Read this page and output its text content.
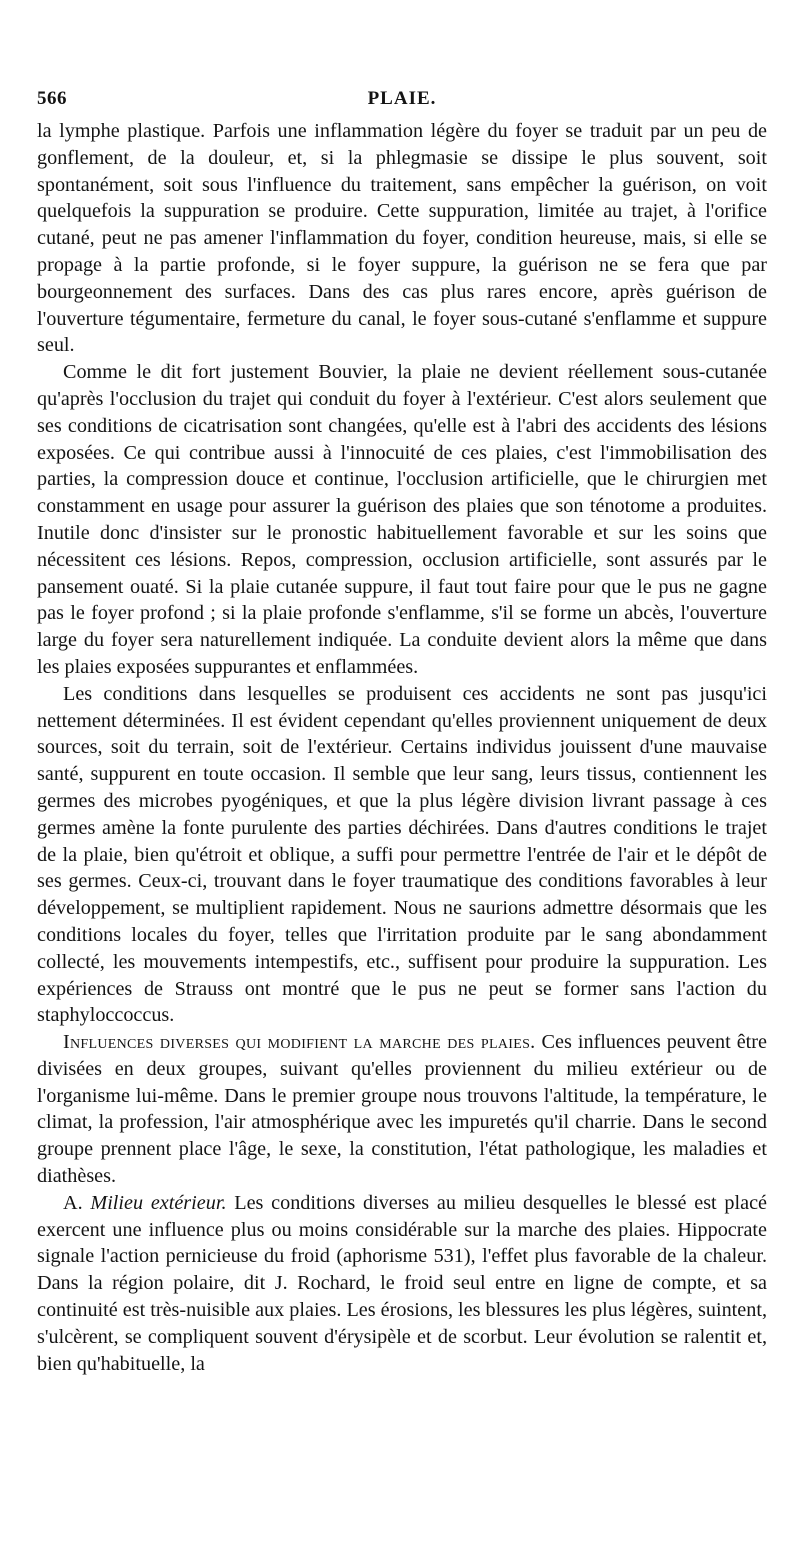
566	PLAIE.

la lymphe plastique. Parfois une inflammation légère du foyer se traduit par un peu de gonflement, de la douleur, et, si la phlegmasie se dissipe le plus souvent, soit spontanément, soit sous l'influence du traitement, sans empêcher la guérison, on voit quelquefois la suppuration se produire. Cette suppuration, limitée au trajet, à l'orifice cutané, peut ne pas amener l'inflammation du foyer, condition heureuse, mais, si elle se propage à la partie profonde, si le foyer suppure, la guérison ne se fera que par bourgeonnement des surfaces. Dans des cas plus rares encore, après guérison de l'ouverture tégumentaire, fermeture du canal, le foyer sous-cutané s'enflamme et suppure seul.

Comme le dit fort justement Bouvier, la plaie ne devient réellement sous-cutanée qu'après l'occlusion du trajet qui conduit du foyer à l'extérieur. C'est alors seulement que ses conditions de cicatrisation sont changées, qu'elle est à l'abri des accidents des lésions exposées. Ce qui contribue aussi à l'innocuité de ces plaies, c'est l'immobilisation des parties, la compression douce et continue, l'occlusion artificielle, que le chirurgien met constamment en usage pour assurer la guérison des plaies que son ténotome a produites. Inutile donc d'insister sur le pronostic habituellement favorable et sur les soins que nécessitent ces lésions. Repos, compression, occlusion artificielle, sont assurés par le pansement ouaté. Si la plaie cutanée suppure, il faut tout faire pour que le pus ne gagne pas le foyer profond ; si la plaie profonde s'enflamme, s'il se forme un abcès, l'ouverture large du foyer sera naturellement indiquée. La conduite devient alors la même que dans les plaies exposées suppurantes et enflammées.

Les conditions dans lesquelles se produisent ces accidents ne sont pas jusqu'ici nettement déterminées. Il est évident cependant qu'elles proviennent uniquement de deux sources, soit du terrain, soit de l'extérieur. Certains individus jouissent d'une mauvaise santé, suppurent en toute occasion. Il semble que leur sang, leurs tissus, contiennent les germes des microbes pyogéniques, et que la plus légère division livrant passage à ces germes amène la fonte purulente des parties déchirées. Dans d'autres conditions le trajet de la plaie, bien qu'étroit et oblique, a suffi pour permettre l'entrée de l'air et le dépôt de ses germes. Ceux-ci, trouvant dans le foyer traumatique des conditions favorables à leur développement, se multiplient rapidement. Nous ne saurions admettre désormais que les conditions locales du foyer, telles que l'irritation produite par le sang abondamment collecté, les mouvements intempestifs, etc., suffisent pour produire la suppuration. Les expériences de Strauss ont montré que le pus ne peut se former sans l'action du staphyloccoccus.

Influences diverses qui modifient la marche des plaies. Ces influences peuvent être divisées en deux groupes, suivant qu'elles proviennent du milieu extérieur ou de l'organisme lui-même. Dans le premier groupe nous trouvons l'altitude, la température, le climat, la profession, l'air atmosphérique avec les impuretés qu'il charrie. Dans le second groupe prennent place l'âge, le sexe, la constitution, l'état pathologique, les maladies et diathèses.

A. Milieu extérieur. Les conditions diverses au milieu desquelles le blessé est placé exercent une influence plus ou moins considérable sur la marche des plaies. Hippocrate signale l'action pernicieuse du froid (aphorisme 531), l'effet plus favorable de la chaleur. Dans la région polaire, dit J. Rochard, le froid seul entre en ligne de compte, et sa continuité est très-nuisible aux plaies. Les érosions, les blessures les plus légères, suintent, s'ulcèrent, se compliquent souvent d'érysipèle et de scorbut. Leur évolution se ralentit et, bien qu'habituelle, la
